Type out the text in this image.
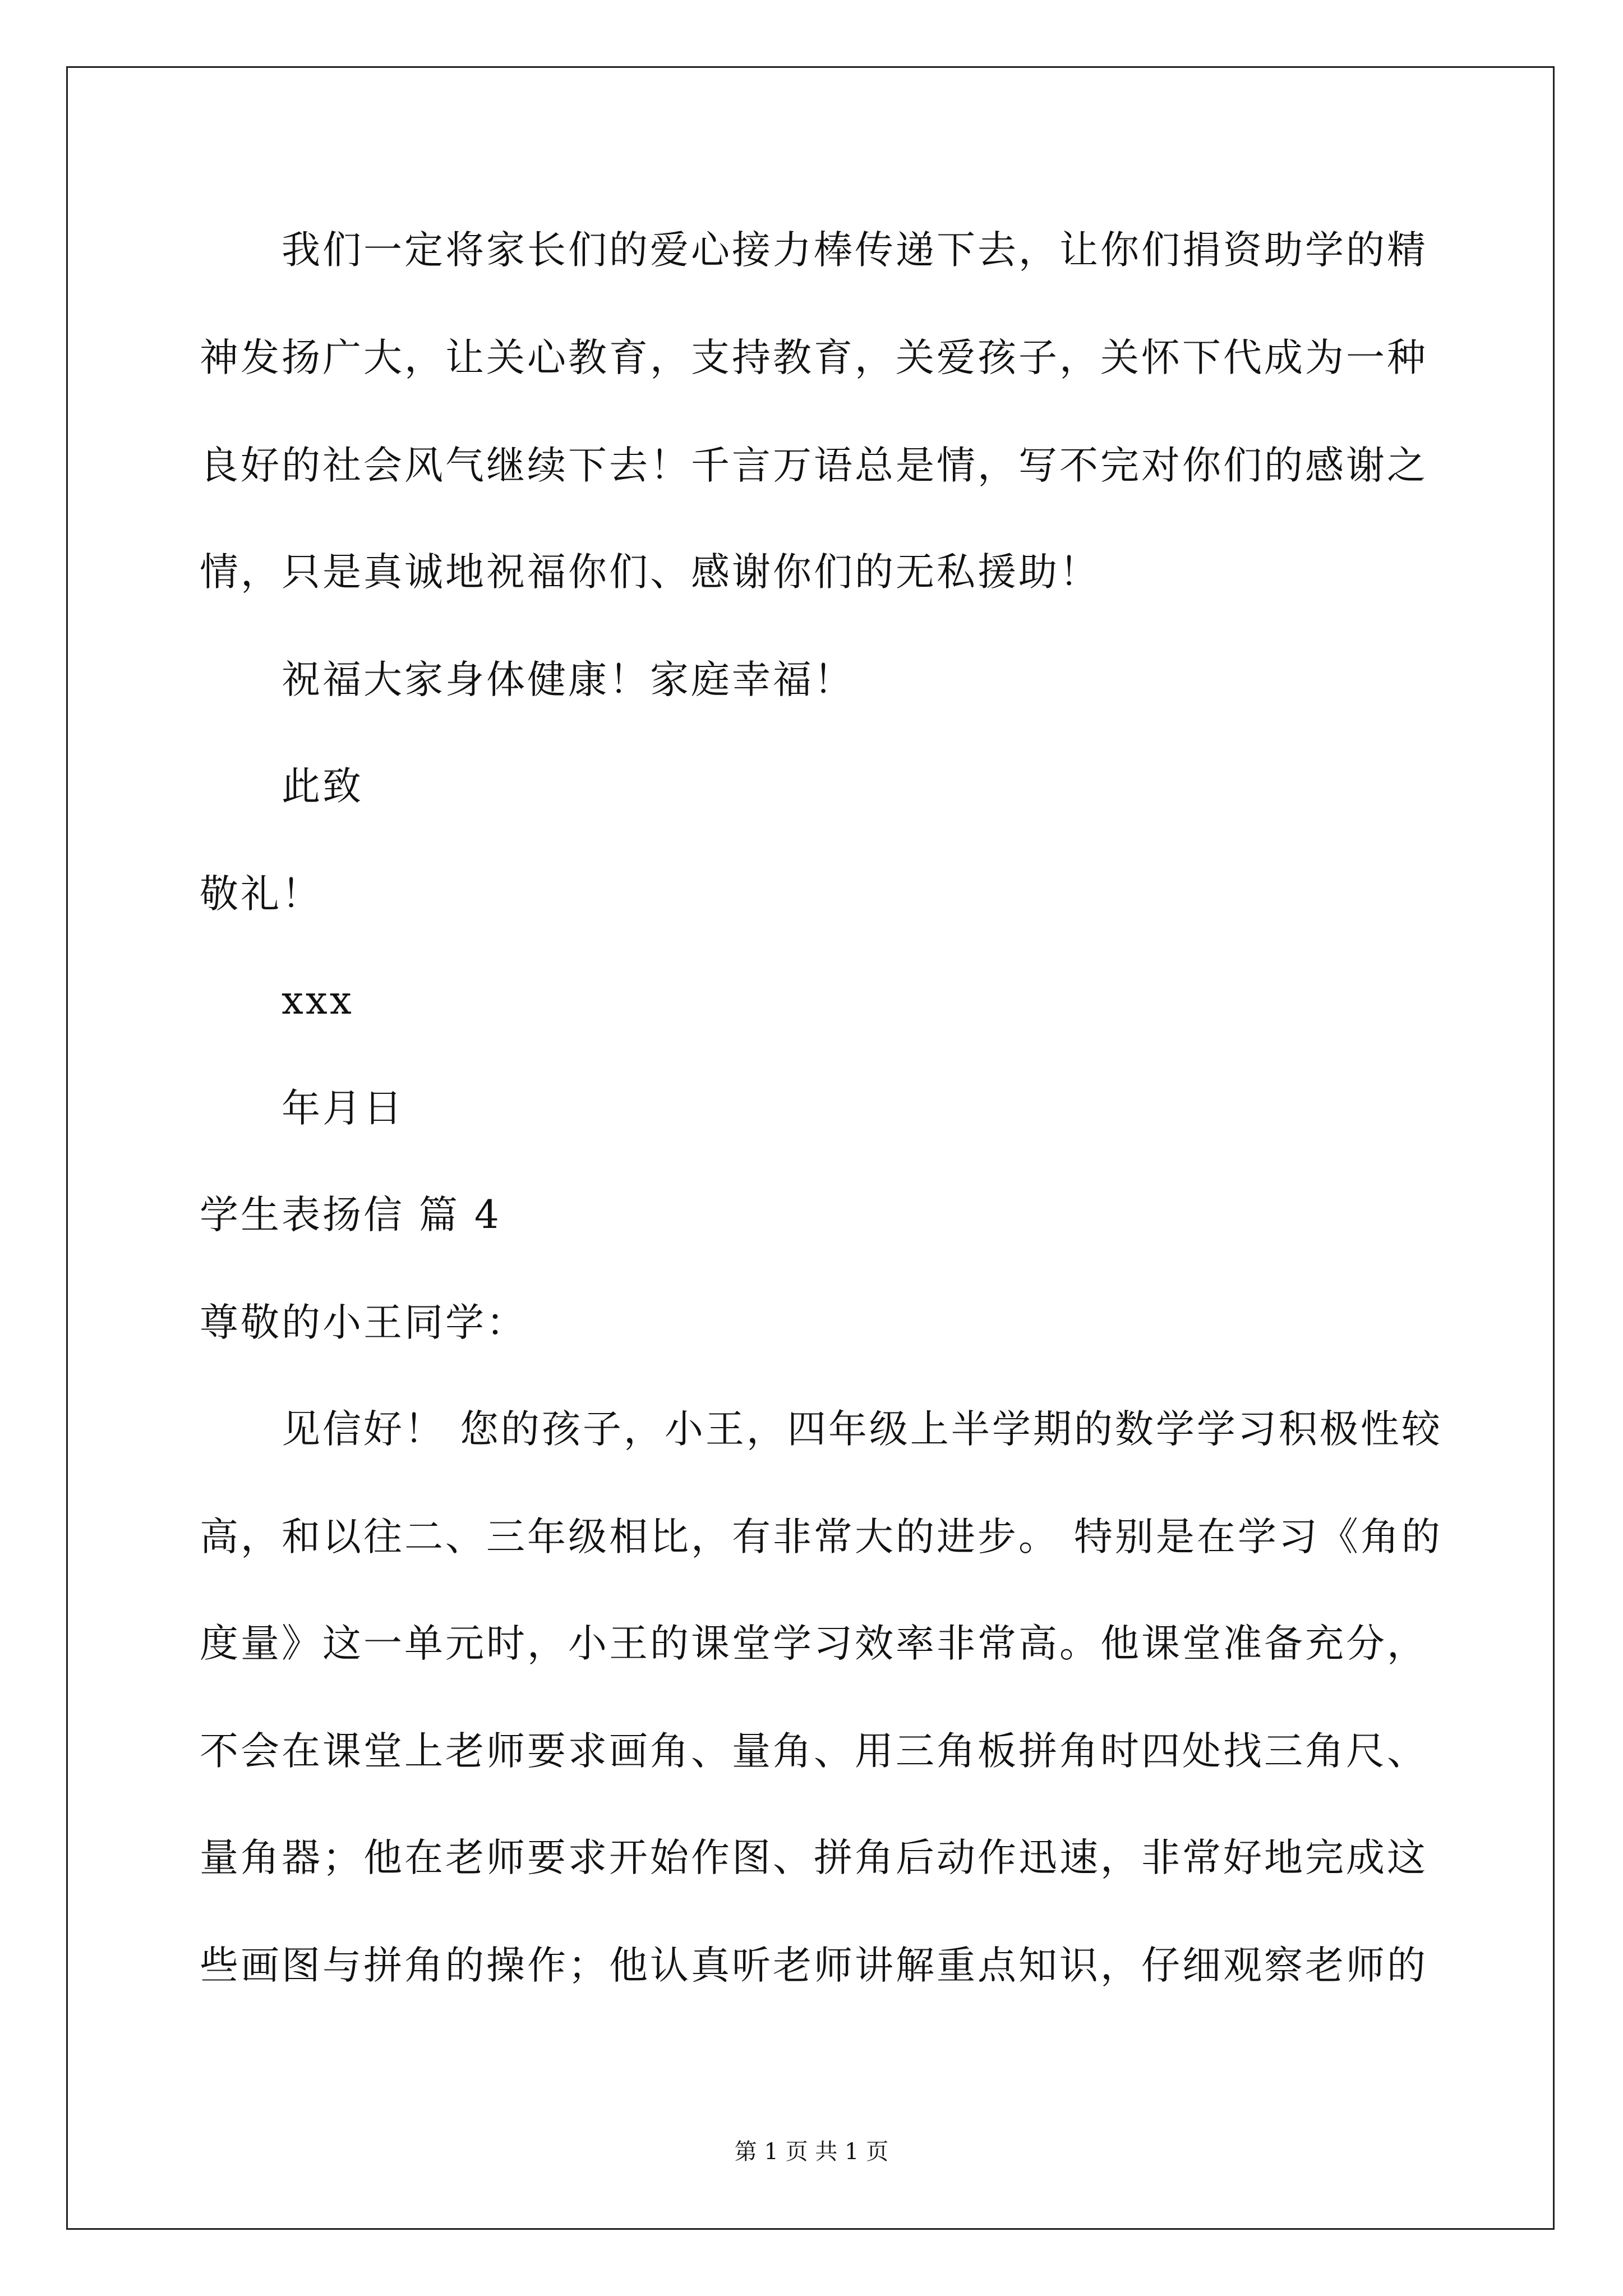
我们一定将家长们的爱心接力棒传递下去，让你们捐资助学的精
神发扬广大，让关心教育，支持教育，关爱孩子，关怀下代成为一种
良好的社会风气继续下去！千言万语总是情，写不完对你们的感谢之
情，只是真诚地祝福你们、感谢你们的无私援助！
祝福大家身体健康！家庭幸福！
此致
敬礼！
xxx
年月日
学生表扬信 篇 4
尊敬的小王同学：
见信好！ 您的孩子，小王，四年级上半学期的数学学习积极性较
高，和以往二、三年级相比，有非常大的进步。 特别是在学习《角的
度量》这一单元时，小王的课堂学习效率非常高。他课堂准备充分，
不会在课堂上老师要求画角、量角、用三角板拼角时四处找三角尺、
量角器；他在老师要求开始作图、拼角后动作迅速，非常好地完成这
些画图与拼角的操作；他认真听老师讲解重点知识，仔细观察老师的
第 1 页 共 1 页
